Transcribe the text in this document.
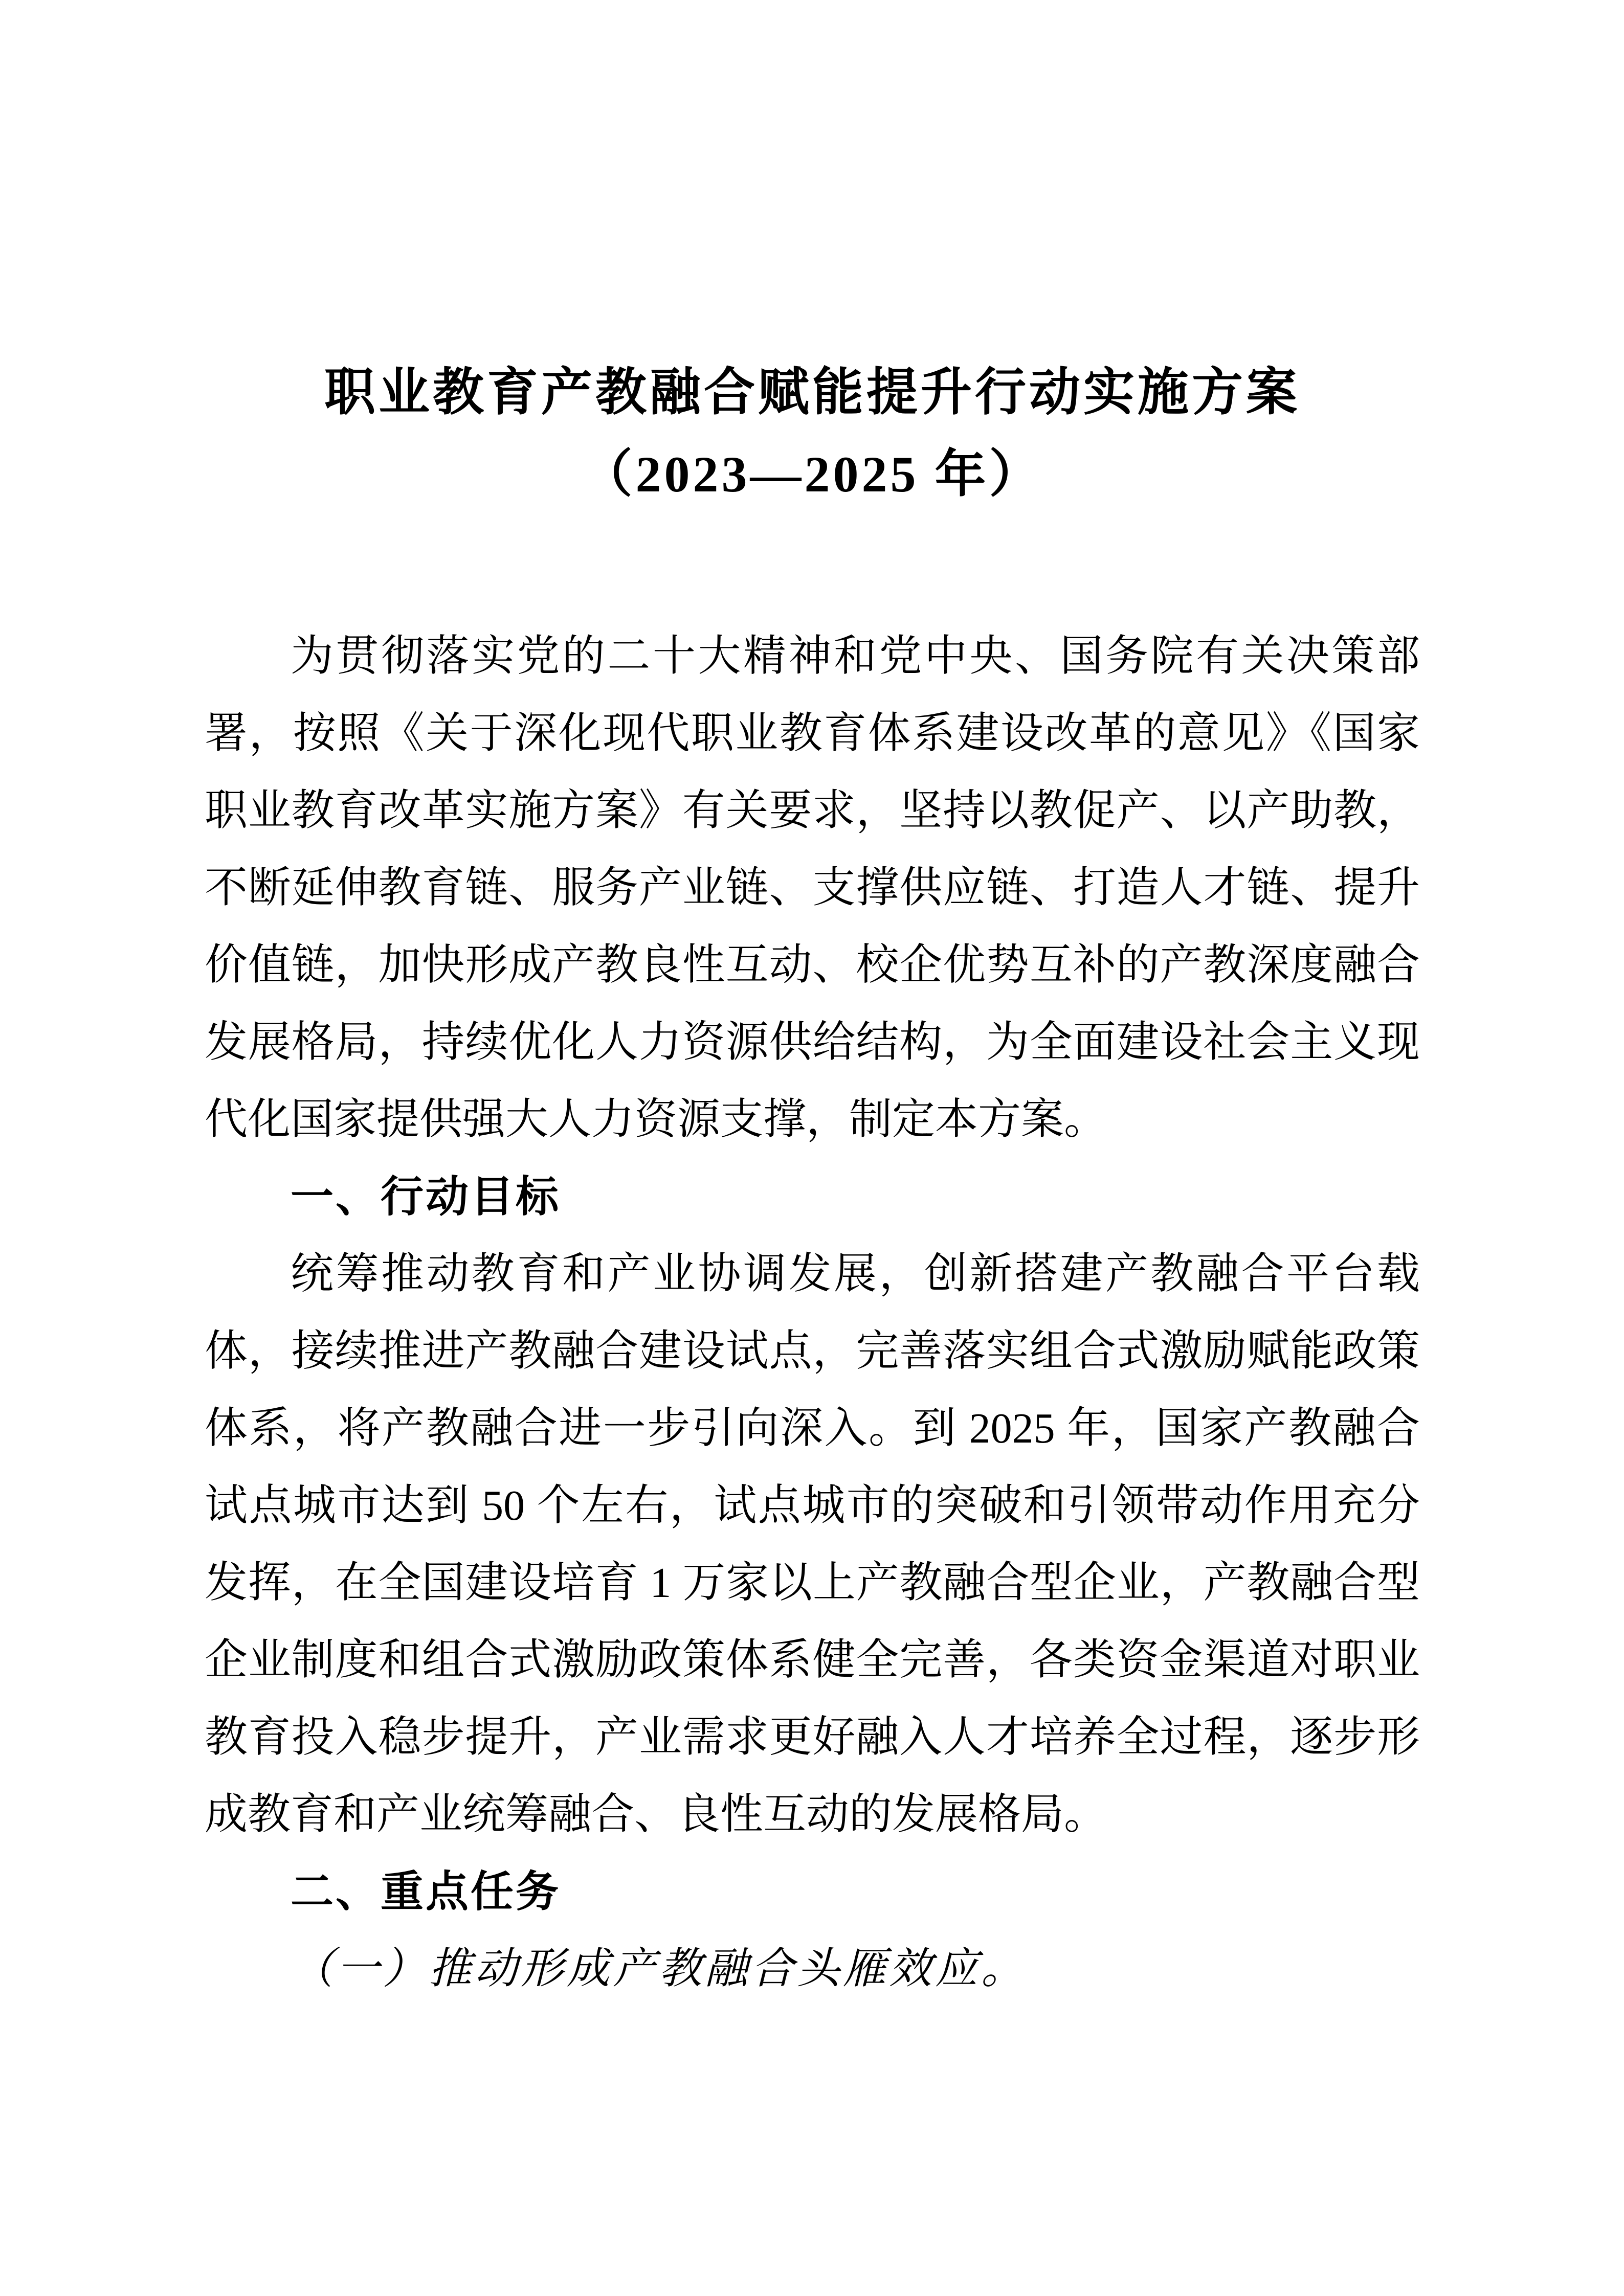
职业教育产教融合赋能提升行动实施方案
（2023—2025 年）

为贯彻落实党的二十大精神和党中央、国务院有关决策部署，按照《关于深化现代职业教育体系建设改革的意见》《国家职业教育改革实施方案》有关要求，坚持以教促产、以产助教，不断延伸教育链、服务产业链、支撑供应链、打造人才链、提升价值链，加快形成产教良性互动、校企优势互补的产教深度融合发展格局，持续优化人力资源供给结构，为全面建设社会主义现代化国家提供强大人力资源支撑，制定本方案。

一、行动目标

统筹推动教育和产业协调发展，创新搭建产教融合平台载体，接续推进产教融合建设试点，完善落实组合式激励赋能政策体系，将产教融合进一步引向深入。到 2025 年，国家产教融合试点城市达到 50 个左右，试点城市的突破和引领带动作用充分发挥，在全国建设培育 1 万家以上产教融合型企业，产教融合型企业制度和组合式激励政策体系健全完善，各类资金渠道对职业教育投入稳步提升，产业需求更好融入人才培养全过程，逐步形成教育和产业统筹融合、良性互动的发展格局。

二、重点任务

（一）推动形成产教融合头雁效应。
